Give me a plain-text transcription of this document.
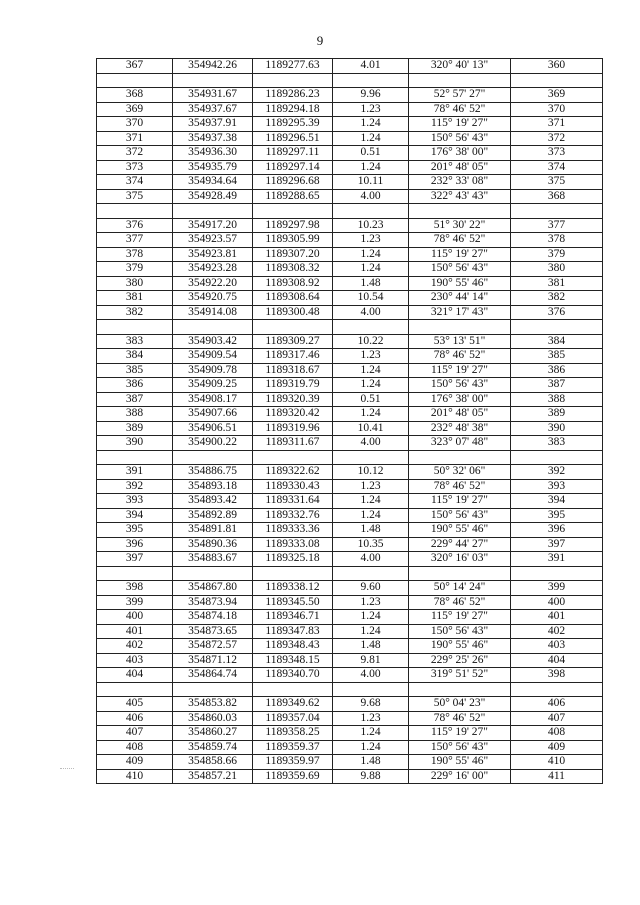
9
367	354942.26	1189277.63	4.01	320° 40' 13"	360

368	354931.67	1189286.23	9.96	52° 57' 27"	369
369	354937.67	1189294.18	1.23	78° 46' 52"	370
370	354937.91	1189295.39	1.24	115° 19' 27"	371
371	354937.38	1189296.51	1.24	150° 56' 43"	372
372	354936.30	1189297.11	0.51	176° 38' 00"	373
373	354935.79	1189297.14	1.24	201° 48' 05"	374
374	354934.64	1189296.68	10.11	232° 33' 08"	375
375	354928.49	1189288.65	4.00	322° 43' 43"	368

376	354917.20	1189297.98	10.23	51° 30' 22"	377
377	354923.57	1189305.99	1.23	78° 46' 52"	378
378	354923.81	1189307.20	1.24	115° 19' 27"	379
379	354923.28	1189308.32	1.24	150° 56' 43"	380
380	354922.20	1189308.92	1.48	190° 55' 46"	381
381	354920.75	1189308.64	10.54	230° 44' 14"	382
382	354914.08	1189300.48	4.00	321° 17' 43"	376

383	354903.42	1189309.27	10.22	53° 13' 51"	384
384	354909.54	1189317.46	1.23	78° 46' 52"	385
385	354909.78	1189318.67	1.24	115° 19' 27"	386
386	354909.25	1189319.79	1.24	150° 56' 43"	387
387	354908.17	1189320.39	0.51	176° 38' 00"	388
388	354907.66	1189320.42	1.24	201° 48' 05"	389
389	354906.51	1189319.96	10.41	232° 48' 38"	390
390	354900.22	1189311.67	4.00	323° 07' 48"	383

391	354886.75	1189322.62	10.12	50° 32' 06"	392
392	354893.18	1189330.43	1.23	78° 46' 52"	393
393	354893.42	1189331.64	1.24	115° 19' 27"	394
394	354892.89	1189332.76	1.24	150° 56' 43"	395
395	354891.81	1189333.36	1.48	190° 55' 46"	396
396	354890.36	1189333.08	10.35	229° 44' 27"	397
397	354883.67	1189325.18	4.00	320° 16' 03"	391

398	354867.80	1189338.12	9.60	50° 14' 24"	399
399	354873.94	1189345.50	1.23	78° 46' 52"	400
400	354874.18	1189346.71	1.24	115° 19' 27"	401
401	354873.65	1189347.83	1.24	150° 56' 43"	402
402	354872.57	1189348.43	1.48	190° 55' 46"	403
403	354871.12	1189348.15	9.81	229° 25' 26"	404
404	354864.74	1189340.70	4.00	319° 51' 52"	398

405	354853.82	1189349.62	9.68	50° 04' 23"	406
406	354860.03	1189357.04	1.23	78° 46' 52"	407
407	354860.27	1189358.25	1.24	115° 19' 27"	408
408	354859.74	1189359.37	1.24	150° 56' 43"	409
409	354858.66	1189359.97	1.48	190° 55' 46"	410
410	354857.21	1189359.69	9.88	229° 16' 00"	411
